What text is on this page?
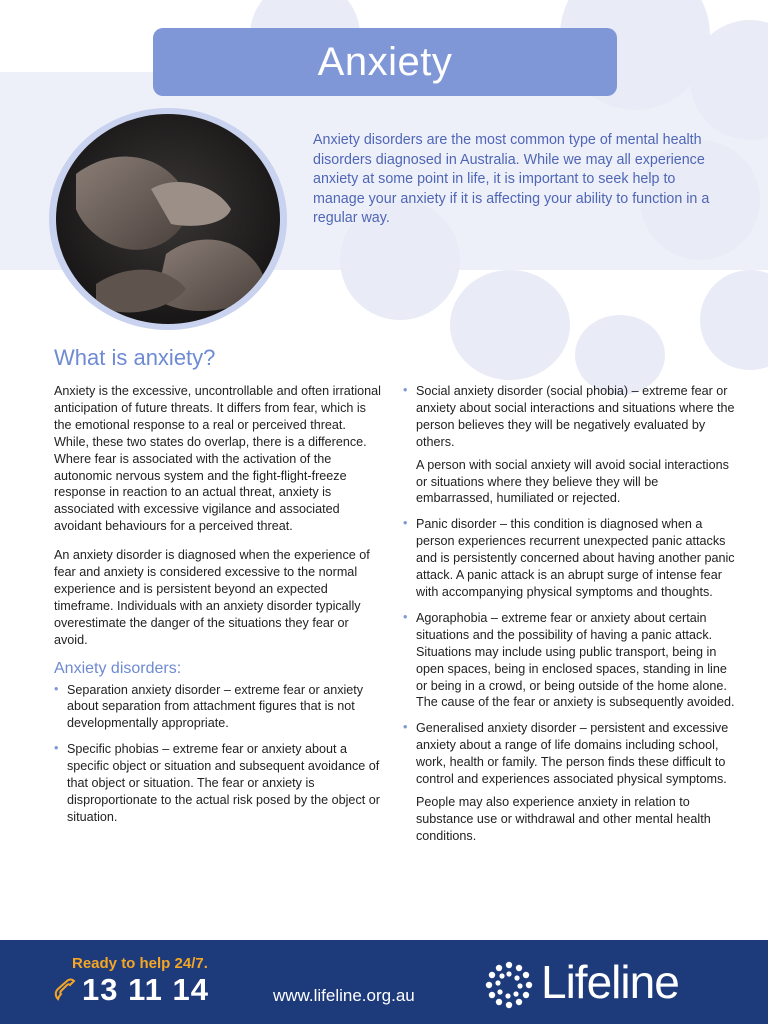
Anxiety

Anxiety disorders are the most common type of mental health disorders diagnosed in Australia. While we may all experience anxiety at some point in life, it is important to seek help to manage your anxiety if it is affecting your ability to function in a regular way.

What is anxiety?

Anxiety is the excessive, uncontrollable and often irrational anticipation of future threats. It differs from fear, which is the emotional response to a real or perceived threat. While, these two states do overlap, there is a difference. Where fear is associated with the activation of the autonomic nervous system and the fight-flight-freeze response in reaction to an actual threat, anxiety is associated with excessive vigilance and associated avoidant behaviours for a perceived threat.

An anxiety disorder is diagnosed when the experience of fear and anxiety is considered excessive to the normal experience and is persistent beyond an expected timeframe. Individuals with an anxiety disorder typically overestimate the danger of the situations they fear or avoid.

Anxiety disorders:
• Separation anxiety disorder – extreme fear or anxiety about separation from attachment figures that is not developmentally appropriate.
• Specific phobias – extreme fear or anxiety about a specific object or situation and subsequent avoidance of that object or situation. The fear or anxiety is disproportionate to the actual risk posed by the object or situation.
• Social anxiety disorder (social phobia) – extreme fear or anxiety about social interactions and situations where the person believes they will be negatively evaluated by others.

A person with social anxiety will avoid social interactions or situations where they believe they will be embarrassed, humiliated or rejected.

• Panic disorder – this condition is diagnosed when a person experiences recurrent unexpected panic attacks and is persistently concerned about having another panic attack. A panic attack is an abrupt surge of intense fear with accompanying physical symptoms and thoughts.
• Agoraphobia – extreme fear or anxiety about certain situations and the possibility of having a panic attack. Situations may include using public transport, being in open spaces, being in enclosed spaces, standing in line or being in a crowd, or being outside of the home alone. The cause of the fear or anxiety is subsequently avoided.
• Generalised anxiety disorder – persistent and excessive anxiety about a range of life domains including school, work, health or family. The person finds these difficult to control and experiences associated physical symptoms.

People may also experience anxiety in relation to substance use or withdrawal and other mental health conditions.

Ready to help 24/7.
13 11 14	www.lifeline.org.au	Lifeline
